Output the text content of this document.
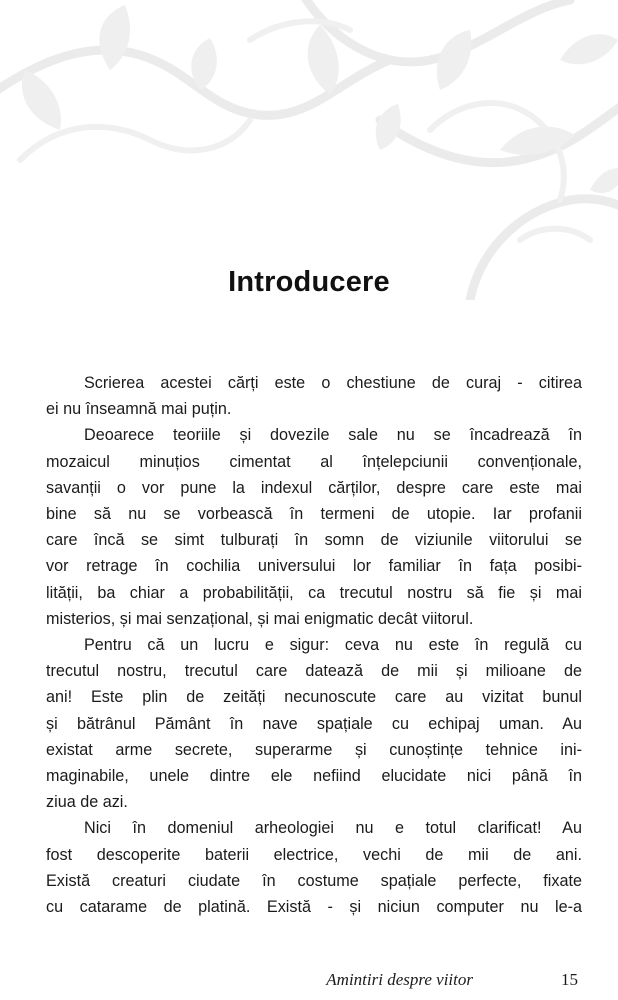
Introducere

Scrierea acestei cărți este o chestiune de curaj - citirea
ei nu înseamnă mai puțin.

Deoarece teoriile și dovezile sale nu se încadrează în
mozaicul minuțios cimentat al înțelepciunii convenționale,
savanții o vor pune la indexul cărților, despre care este mai
bine să nu se vorbească în termeni de utopie. Iar profanii
care încă se simt tulburați în somn de viziunile viitorului se
vor retrage în cochilia universului lor familiar în fața posibi-
lității, ba chiar a probabilității, ca trecutul nostru să fie și mai
misterios, și mai senzațional, și mai enigmatic decât viitorul.

Pentru că un lucru e sigur: ceva nu este în regulă cu
trecutul nostru, trecutul care datează de mii și milioane de
ani! Este plin de zeități necunoscute care au vizitat bunul
și bătrânul Pământ în nave spațiale cu echipaj uman. Au
existat arme secrete, superarme și cunoștințe tehnice ini-
maginabile, unele dintre ele nefiind elucidate nici până în
ziua de azi.

Nici în domeniul arheologiei nu e totul clarificat! Au
fost descoperite baterii electrice, vechi de mii de ani.
Există creaturi ciudate în costume spațiale perfecte, fixate
cu catarame de platină. Există - și niciun computer nu le-a

Amintiri despre viitor	15
